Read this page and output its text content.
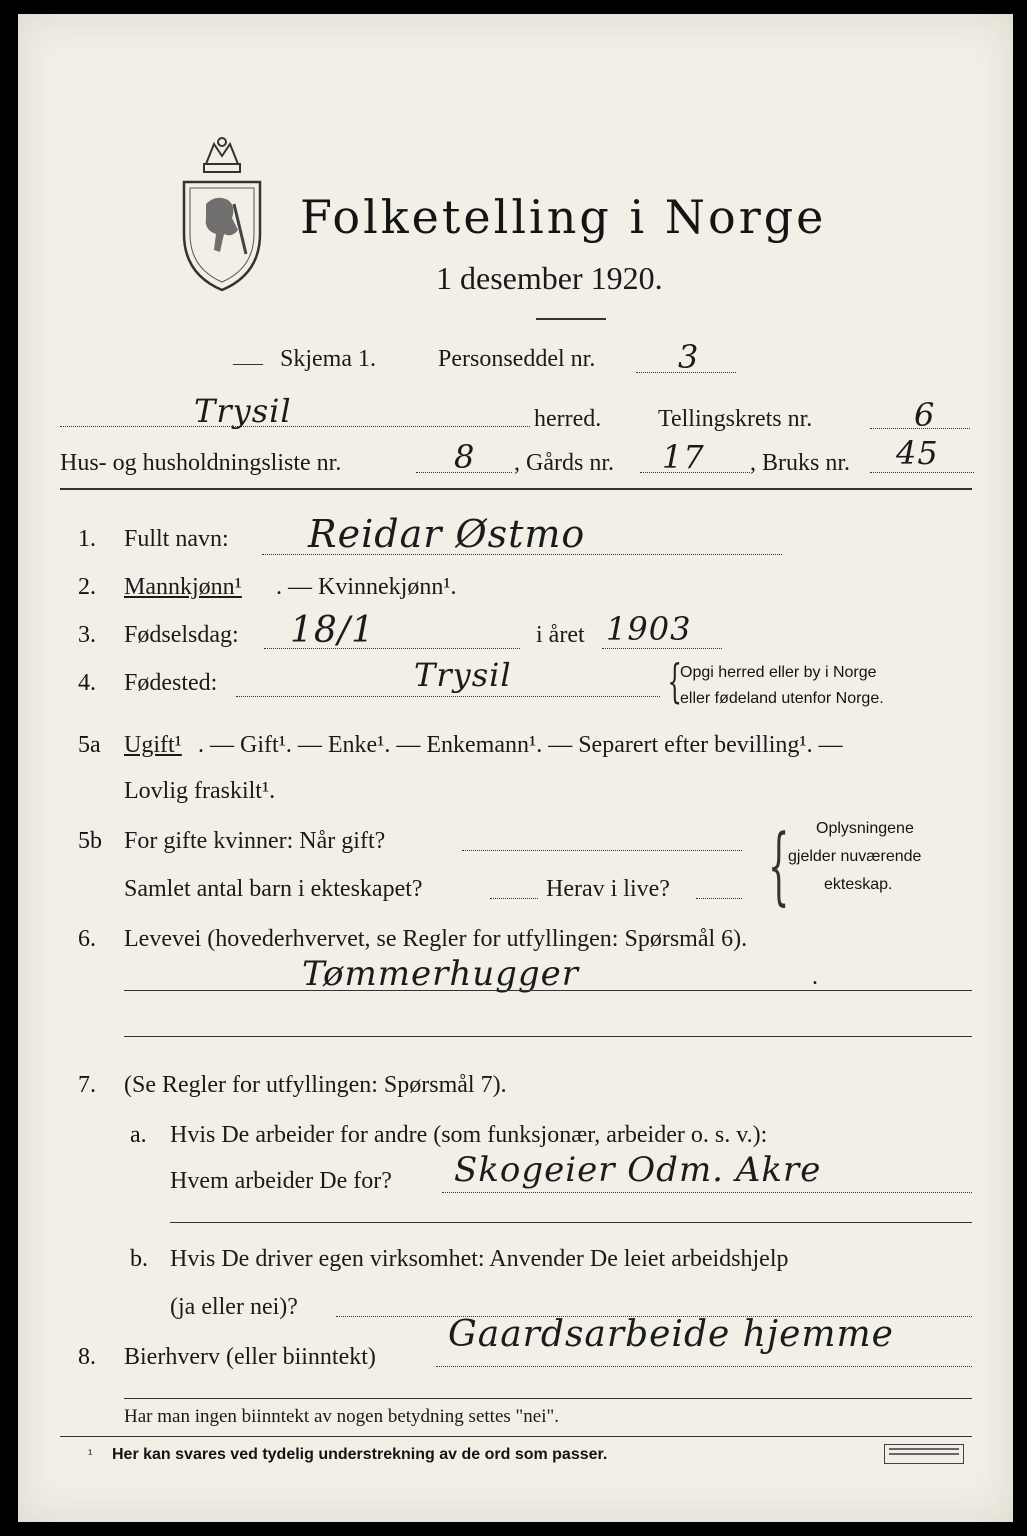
Folketelling i Norge
1 desember 1920.
Skjema 1.	Personseddel nr.	3
Trysil	herred. Tellingskrets nr.	6
Hus- og husholdningsliste nr.	8 , Gårds nr. 17 , Bruks nr. 45
1. Fullt navn: Reidar Østmo
2. Mannkjønn¹ . — Kvinnekjønn¹.
3. Fødselsdag: 18/1	i året 1903
4. Fødested:	Trysil	{
Opgi herred eller by i Norge
eller fødeland utenfor Norge.
5a Ugift¹ . — Gift¹. — Enke¹. — Enkemann¹. — Separert efter bevilling¹. —
Lovlig fraskilt¹.
5b For gifte kvinner: Når gift?
Samlet antal barn i ekteskapet?	Herav i live? { Oplysningene
gjelder nuværende
ekteskap.
6. Levevei (hovederhvervet, se Regler for utfyllingen: Spørsmål 6).
Tømmerhugger	.
7. (Se Regler for utfyllingen: Spørsmål 7).
a. Hvis De arbeider for andre (som funksjonær, arbeider o. s. v.):
Hvem arbeider De for? Skogeier Odm. Akre
b. Hvis De driver egen virksomhet: Anvender De leiet arbeidshjelp
(ja eller nei)?
8. Bierhverv (eller biinntekt)
Gaardsarbeide hjemme
Har man ingen biinntekt av nogen betydning settes "nei".
¹ Her kan svares ved tydelig understrekning av de ord som passer.
